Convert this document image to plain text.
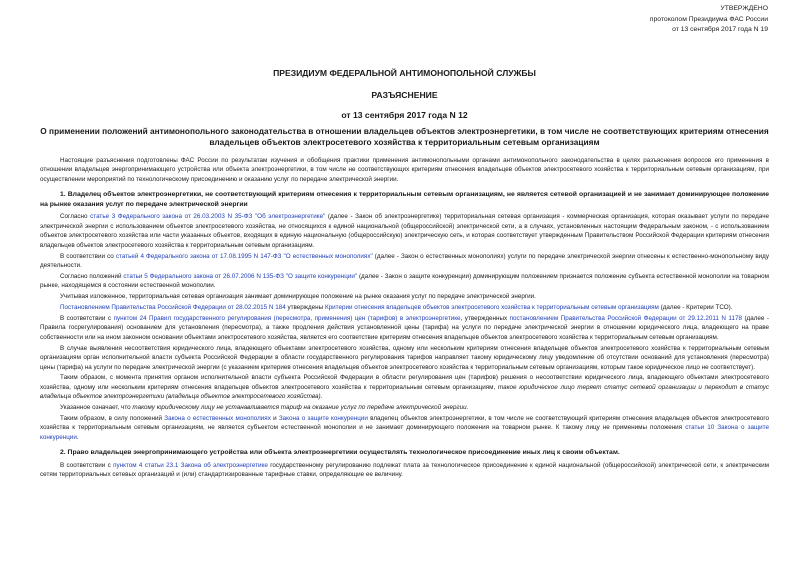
УТВЕРЖДЕНО
протоколом Президиума ФАС России
от 13 сентября 2017 года N 19
ПРЕЗИДИУМ ФЕДЕРАЛЬНОЙ АНТИМОНОПОЛЬНОЙ СЛУЖБЫ
РАЗЪЯСНЕНИЕ
от 13 сентября 2017 года N 12
О применении положений антимонопольного законодательства в отношении владельцев объектов электроэнергетики, в том числе не соответствующих критериям отнесения владельцев объектов электросетевого хозяйства к территориальным сетевым организациям

Настоящие разъяснения подготовлены ФАС России по результатам изучения и обобщения практики применения антимонопольными органами антимонопольного законодательства в целях разъяснения вопросов его применения в отношении владельцев энергопринимающего устройства или объекта электроэнергетики, в том числе не соответствующих критериям отнесения владельцев объектов электросетевого хозяйства к территориальным сетевым организациям, при осуществлении мероприятий по технологическому присоединению и оказанию услуг по передаче электрической энергии.

1. Владелец объектов электроэнергетики, не соответствующий критериям отнесения к территориальным сетевым организациям, не является сетевой организацией и не занимает доминирующее положение на рынке оказания услуг по передаче электрической энергии

Согласно статье 3 Федерального закона от 26.03.2003 N 35-ФЗ "Об электроэнергетике" (далее - Закон об электроэнергетике) территориальная сетевая организация - коммерческая организация, которая оказывает услуги по передаче электрической энергии с использованием объектов электросетевого хозяйства, не относящихся к единой национальной (общероссийской) электрической сети, а в случаях, установленных настоящим Федеральным законом, - с использованием объектов электросетевого хозяйства или части указанных объектов, входящих в единую национальную (общероссийскую) электрическую сеть, и которая соответствует утвержденным Правительством Российской Федерации критериям отнесения владельцев объектов электросетевого хозяйства к территориальным сетевым организациям.

В соответствии со статьей 4 Федерального закона от 17.08.1995 N 147-ФЗ "О естественных монополиях" (далее - Закон о естественных монополиях) услуги по передаче электрической энергии отнесены к естественно-монопольному виду деятельности.

Согласно положений статьи 5 Федерального закона от 26.07.2006 N 135-ФЗ "О защите конкуренции" (далее - Закон о защите конкуренции) доминирующим положением признается положение субъекта естественной монополии на товарном рынке, находящемся в состоянии естественной монополии.

Учитывая изложенное, территориальная сетевая организация занимает доминирующее положение на рынке оказания услуг по передаче электрической энергии.

Постановлением Правительства Российской Федерации от 28.02.2015 N 184 утверждены Критерии отнесения владельцев объектов электросетевого хозяйства к территориальным сетевым организациям (далее - Критерии ТСО).

В соответствии с пунктом 24 Правил государственного регулирования (пересмотра, применения) цен (тарифов) в электроэнергетике, утвержденных постановлением Правительства Российской Федерации от 29.12.2011 N 1178 (далее - Правила госрегулирования) основанием для установления (пересмотра), а также продления действия установленной цены (тарифа) на услуги по передаче электрической энергии в отношении юридического лица, владеющего на праве собственности или на ином законном основании объектами электросетевого хозяйства, является его соответствие критериям отнесения владельцев объектов электросетевого хозяйства к территориальным сетевым организациям.

В случае выявления несоответствия юридического лица, владеющего объектами электросетевого хозяйства, одному или нескольким критериям отнесения владельцев объектов электросетевого хозяйства к территориальным сетевым организациям орган исполнительной власти субъекта Российской Федерации в области государственного регулирования тарифов направляет такому юридическому лицу уведомление об отсутствии оснований для установления (пересмотра) цены (тарифа) на услуги по передаче электрической энергии (с указанием критериев отнесения владельцев объектов электросетевого хозяйства к территориальным сетевым организациям, которым такое юридическое лицо не соответствует).

Таким образом, с момента принятия органом исполнительной власти субъекта Российской Федерации в области регулирования цен (тарифов) решения о несоответствии юридического лица, владеющего объектами электросетевого хозяйства, одному или нескольким критериям отнесения владельцев объектов электросетевого хозяйства к территориальным сетевым организациям, такое юридическое лицо теряет статус сетевой организации и переходит в статус владельца объектов электроэнергетики (владельца объектов электросетевого хозяйства).

Указанное означает, что такому юридическому лицу не устанавливается тариф на оказание услуг по передаче электрической энергии.

Таким образом, в силу положений Закона о естественных монополиях и Закона о защите конкуренции владелец объектов электроэнергетики, в том числе не соответствующий критериям отнесения владельцев объектов электросетевого хозяйства к территориальным сетевым организациям, не является субъектом естественной монополии и не занимает доминирующего положения на товарном рынке. К такому лицу не применимы положения статьи 10 Закона о защите конкуренции.

2. Право владельцев энергопринимающего устройства или объекта электроэнергетики осуществлять технологическое присоединение иных лиц к своим объектам.

В соответствии с пунктом 4 статьи 23.1 Закона об электроэнергетике государственному регулированию подлежат плата за технологическое присоединение к единой национальной (общероссийской) электрической сети, к электрическим сетям территориальных сетевых организаций и (или) стандартизированные тарифные ставки, определяющие ее величину.
